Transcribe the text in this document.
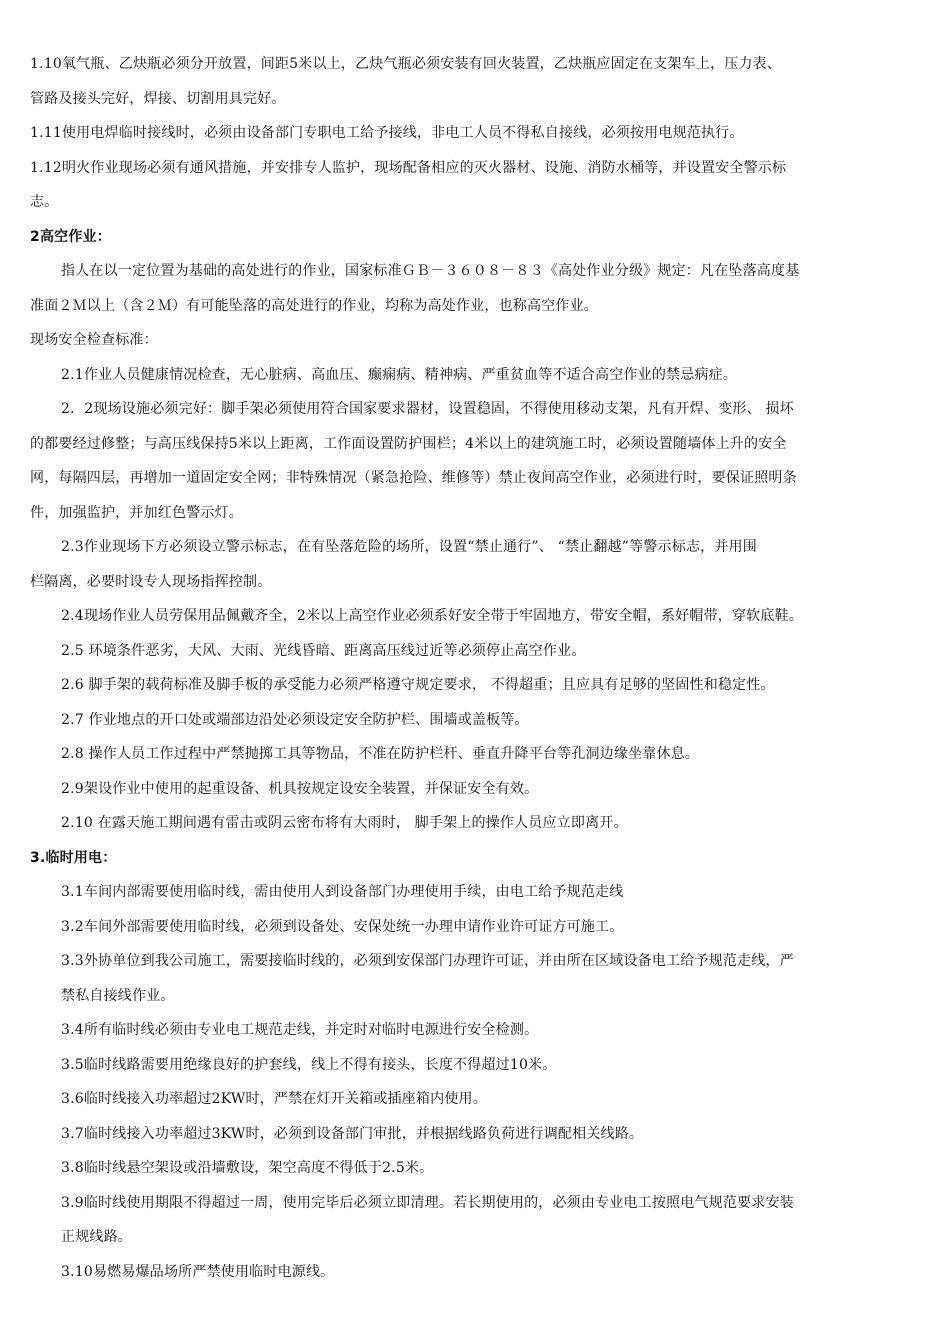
1.10氧气瓶、乙炔瓶必须分开放置，间距5米以上，乙炔气瓶必须安装有回火装置，乙炔瓶应固定在支架车上，压力表、
管路及接头完好，焊接、切割用具完好。
1.11使用电焊临时接线时，必须由设备部门专职电工给予接线，非电工人员不得私自接线，必须按用电规范执行。
1.12明火作业现场必须有通风措施，并安排专人监护，现场配备相应的灭火器材、设施、消防水桶等，并设置安全警示标
志。
2高空作业：
指人在以一定位置为基础的高处进行的作业，国家标准ＧＢ－３６０８－８３《高处作业分级》规定：凡在坠落高度基
准面２Ｍ以上（含２Ｍ）有可能坠落的高处进行的作业，均称为高处作业，也称高空作业。
现场安全检查标准：
2.1作业人员健康情况检查，无心脏病、高血压、癫痫病、精神病、严重贫血等不适合高空作业的禁忌病症。
2．2现场设施必须完好：脚手架必须使用符合国家要求器材，设置稳固，不得使用移动支架，凡有开焊、变形、 损坏
的都要经过修整；与高压线保持5米以上距离，工作面设置防护围栏；4米以上的建筑施工时，必须设置随墙体上升的安全
网，每隔四层，再增加一道固定安全网；非特殊情况（紧急抢险、维修等）禁止夜间高空作业，必须进行时，要保证照明条
件，加强监护，并加红色警示灯。
2.3作业现场下方必须设立警示标志，在有坠落危险的场所，设置“禁止通行”、 “禁止翻越”等警示标志，并用围
栏隔离，必要时设专人现场指挥控制。
2.4现场作业人员劳保用品佩戴齐全，2米以上高空作业必须系好安全带于牢固地方，带安全帽，系好帽带，穿软底鞋。
2.5 环境条件恶劣，大风、大雨、光线昏暗、距离高压线过近等必须停止高空作业。
2.6 脚手架的载荷标准及脚手板的承受能力必须严格遵守规定要求， 不得超重；且应具有足够的坚固性和稳定性。
2.7 作业地点的开口处或端部边沿处必须设定安全防护栏、围墙或盖板等。
2.8 操作人员工作过程中严禁抛掷工具等物品，不准在防护栏杆、垂直升降平台等孔洞边缘坐靠休息。
2.9架设作业中使用的起重设备、机具按规定设安全装置，并保证安全有效。
2.10 在露天施工期间遇有雷击或阴云密布将有大雨时， 脚手架上的操作人员应立即离开。
3.临时用电：
3.1车间内部需要使用临时线，需由使用人到设备部门办理使用手续，由电工给予规范走线
3.2车间外部需要使用临时线，必须到设备处、安保处统一办理申请作业许可证方可施工。
3.3外协单位到我公司施工，需要接临时线的，必须到安保部门办理许可证，并由所在区域设备电工给予规范走线，严
禁私自接线作业。
3.4所有临时线必须由专业电工规范走线，并定时对临时电源进行安全检测。
3.5临时线路需要用绝缘良好的护套线，线上不得有接头，长度不得超过10米。
3.6临时线接入功率超过2KW时，严禁在灯开关箱或插座箱内使用。
3.7临时线接入功率超过3KW时，必须到设备部门审批，并根据线路负荷进行调配相关线路。
3.8临时线悬空架设或沿墙敷设，架空高度不得低于2.5米。
3.9临时线使用期限不得超过一周，使用完毕后必须立即清理。若长期使用的，必须由专业电工按照电气规范要求安装
正规线路。
3.10易燃易爆品场所严禁使用临时电源线。
